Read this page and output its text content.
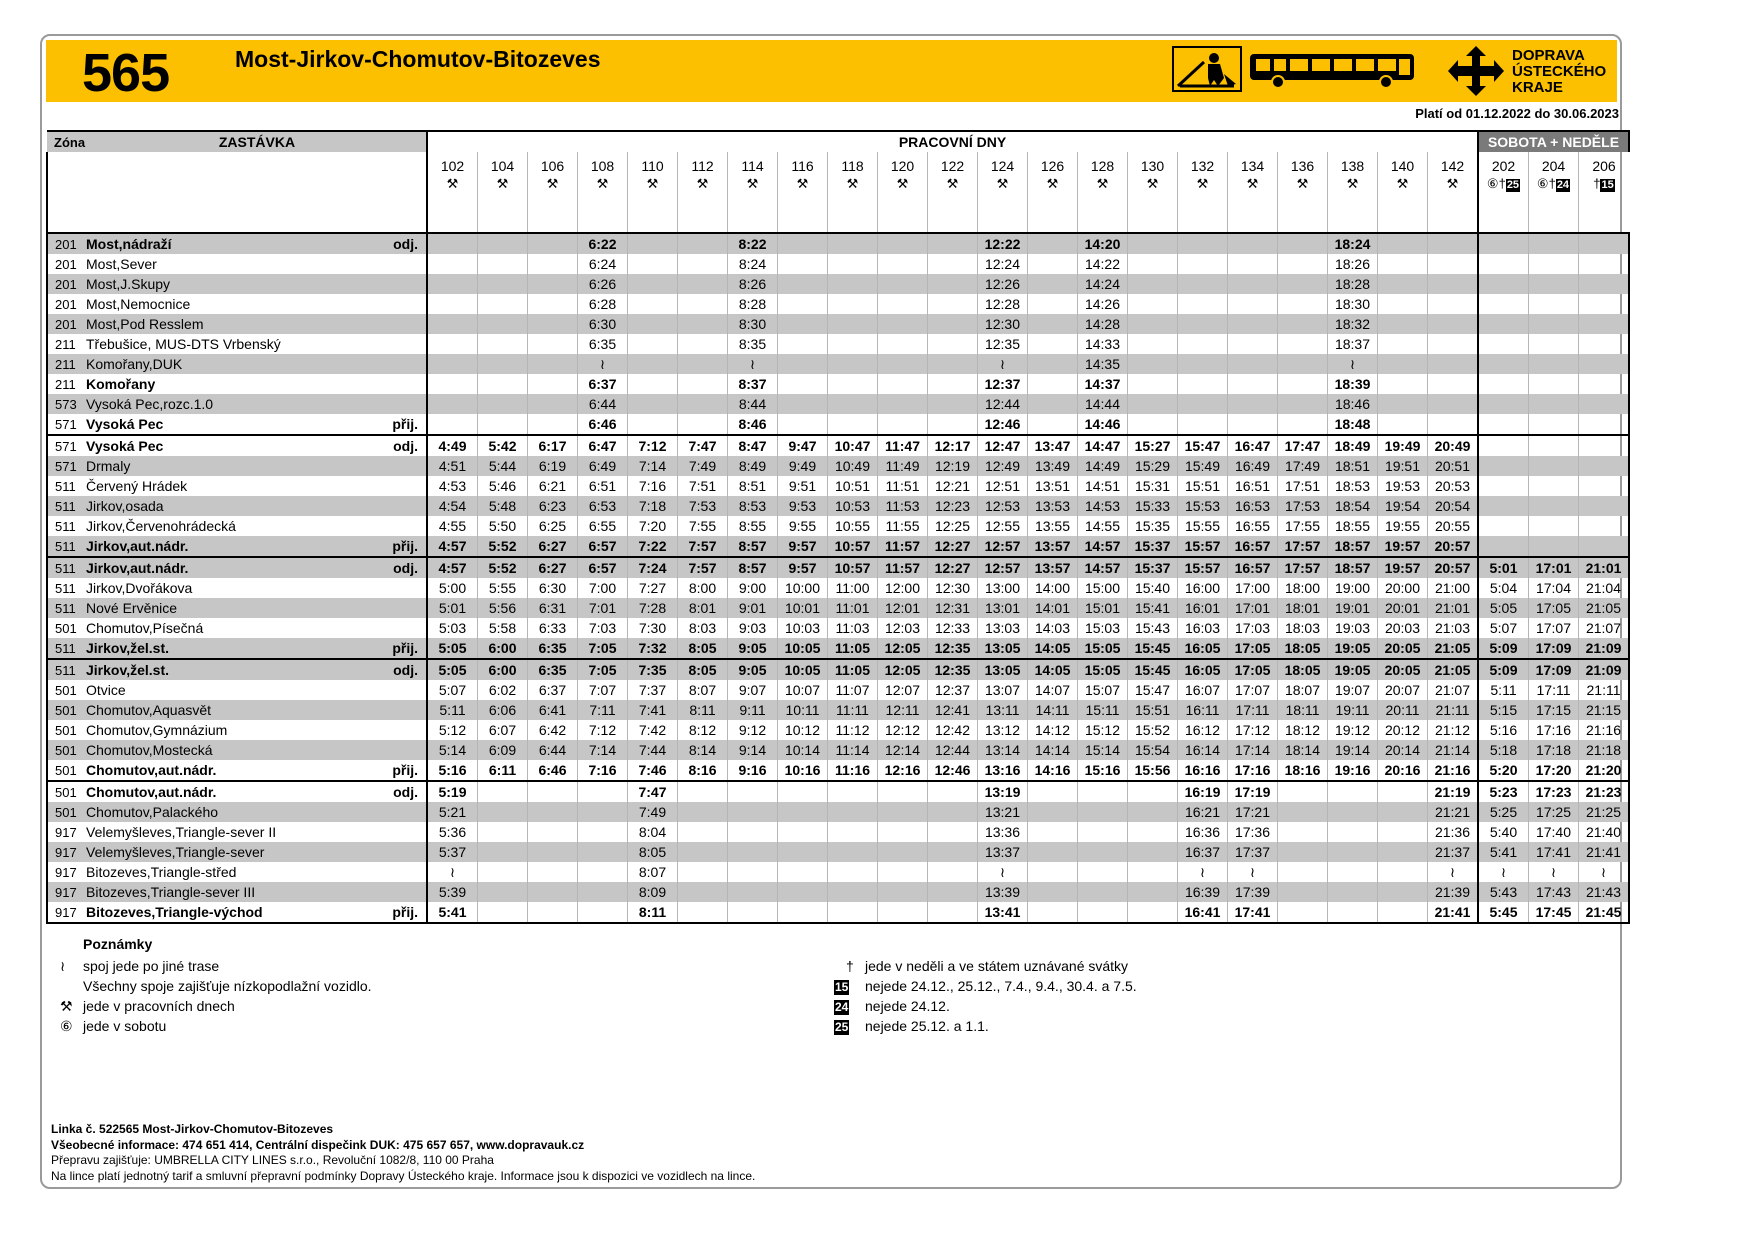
565	Most-Jirkov-Chomutov-Bitozeves	DOPRAVA
ÚSTECKÉHO
KRAJE
Platí od 01.12.2022 do 30.06.2023
Zóna	ZASTÁVKA		PRACOVNÍ DNY																					SOBOTA + NEDĚLE		
			102	104	106	108	110	112	114	116	118	120	122	124	126	128	130	132	134	136	138	140	142	202	204	206
			⚒	⚒	⚒	⚒	⚒	⚒	⚒	⚒	⚒	⚒	⚒	⚒	⚒	⚒	⚒	⚒	⚒	⚒	⚒	⚒	⚒	⑥†25	⑥†24	†15

201	Most,nádraží	odj.				6:22			8:22					12:22		14:20					18:24					
201	Most,Sever					6:24			8:24					12:24		14:22					18:26					
201	Most,J.Skupy					6:26			8:26					12:26		14:24					18:28					
201	Most,Nemocnice					6:28			8:28					12:28		14:26					18:30					
201	Most,Pod Resslem					6:30			8:30					12:30		14:28					18:32					
211	Třebušice, MUS-DTS Vrbenský					6:35			8:35					12:35		14:33					18:37					
211	Komořany,DUK					≀			≀					≀		14:35					≀					
211	Komořany					6:37			8:37					12:37		14:37					18:39					
573	Vysoká Pec,rozc.1.0					6:44			8:44					12:44		14:44					18:46					
571	Vysoká Pec	přij.				6:46			8:46					12:46		14:46					18:48					
571	Vysoká Pec	odj.	4:49	5:42	6:17	6:47	7:12	7:47	8:47	9:47	10:47	11:47	12:17	12:47	13:47	14:47	15:27	15:47	16:47	17:47	18:49	19:49	20:49			
571	Drmaly		4:51	5:44	6:19	6:49	7:14	7:49	8:49	9:49	10:49	11:49	12:19	12:49	13:49	14:49	15:29	15:49	16:49	17:49	18:51	19:51	20:51			
511	Červený Hrádek		4:53	5:46	6:21	6:51	7:16	7:51	8:51	9:51	10:51	11:51	12:21	12:51	13:51	14:51	15:31	15:51	16:51	17:51	18:53	19:53	20:53			
511	Jirkov,osada		4:54	5:48	6:23	6:53	7:18	7:53	8:53	9:53	10:53	11:53	12:23	12:53	13:53	14:53	15:33	15:53	16:53	17:53	18:54	19:54	20:54			
511	Jirkov,Červenohrádecká		4:55	5:50	6:25	6:55	7:20	7:55	8:55	9:55	10:55	11:55	12:25	12:55	13:55	14:55	15:35	15:55	16:55	17:55	18:55	19:55	20:55			
511	Jirkov,aut.nádr.	přij.	4:57	5:52	6:27	6:57	7:22	7:57	8:57	9:57	10:57	11:57	12:27	12:57	13:57	14:57	15:37	15:57	16:57	17:57	18:57	19:57	20:57			
511	Jirkov,aut.nádr.	odj.	4:57	5:52	6:27	6:57	7:24	7:57	8:57	9:57	10:57	11:57	12:27	12:57	13:57	14:57	15:37	15:57	16:57	17:57	18:57	19:57	20:57	5:01	17:01	21:01
511	Jirkov,Dvořákova		5:00	5:55	6:30	7:00	7:27	8:00	9:00	10:00	11:00	12:00	12:30	13:00	14:00	15:00	15:40	16:00	17:00	18:00	19:00	20:00	21:00	5:04	17:04	21:04
511	Nové Ervěnice		5:01	5:56	6:31	7:01	7:28	8:01	9:01	10:01	11:01	12:01	12:31	13:01	14:01	15:01	15:41	16:01	17:01	18:01	19:01	20:01	21:01	5:05	17:05	21:05
501	Chomutov,Písečná		5:03	5:58	6:33	7:03	7:30	8:03	9:03	10:03	11:03	12:03	12:33	13:03	14:03	15:03	15:43	16:03	17:03	18:03	19:03	20:03	21:03	5:07	17:07	21:07
511	Jirkov,žel.st.	přij.	5:05	6:00	6:35	7:05	7:32	8:05	9:05	10:05	11:05	12:05	12:35	13:05	14:05	15:05	15:45	16:05	17:05	18:05	19:05	20:05	21:05	5:09	17:09	21:09
511	Jirkov,žel.st.	odj.	5:05	6:00	6:35	7:05	7:35	8:05	9:05	10:05	11:05	12:05	12:35	13:05	14:05	15:05	15:45	16:05	17:05	18:05	19:05	20:05	21:05	5:09	17:09	21:09
501	Otvice		5:07	6:02	6:37	7:07	7:37	8:07	9:07	10:07	11:07	12:07	12:37	13:07	14:07	15:07	15:47	16:07	17:07	18:07	19:07	20:07	21:07	5:11	17:11	21:11
501	Chomutov,Aquasvět		5:11	6:06	6:41	7:11	7:41	8:11	9:11	10:11	11:11	12:11	12:41	13:11	14:11	15:11	15:51	16:11	17:11	18:11	19:11	20:11	21:11	5:15	17:15	21:15
501	Chomutov,Gymnázium		5:12	6:07	6:42	7:12	7:42	8:12	9:12	10:12	11:12	12:12	12:42	13:12	14:12	15:12	15:52	16:12	17:12	18:12	19:12	20:12	21:12	5:16	17:16	21:16
501	Chomutov,Mostecká		5:14	6:09	6:44	7:14	7:44	8:14	9:14	10:14	11:14	12:14	12:44	13:14	14:14	15:14	15:54	16:14	17:14	18:14	19:14	20:14	21:14	5:18	17:18	21:18
501	Chomutov,aut.nádr.	přij.	5:16	6:11	6:46	7:16	7:46	8:16	9:16	10:16	11:16	12:16	12:46	13:16	14:16	15:16	15:56	16:16	17:16	18:16	19:16	20:16	21:16	5:20	17:20	21:20
501	Chomutov,aut.nádr.	odj.	5:19				7:47							13:19				16:19	17:19				21:19	5:23	17:23	21:23
501	Chomutov,Palackého		5:21				7:49							13:21				16:21	17:21				21:21	5:25	17:25	21:25
917	Velemyšleves,Triangle-sever II		5:36				8:04							13:36				16:36	17:36				21:36	5:40	17:40	21:40
917	Velemyšleves,Triangle-sever		5:37				8:05							13:37				16:37	17:37				21:37	5:41	17:41	21:41
917	Bitozeves,Triangle-střed		≀				8:07							≀				≀	≀				≀	≀	≀	≀
917	Bitozeves,Triangle-sever III		5:39				8:09							13:39				16:39	17:39				21:39	5:43	17:43	21:43
917	Bitozeves,Triangle-východ	přij.	5:41				8:11							13:41				16:41	17:41				21:41	5:45	17:45	21:45
Poznámky
≀ spoj jede po jiné trase
Všechny spoje zajišťuje nízkopodlažní vozidlo.
⚒ jede v pracovních dnech
⑥ jede v sobotu
† jede v neděli a ve státem uznávané svátky
15 nejede 24.12., 25.12., 7.4., 9.4., 30.4. a 7.5.
24 nejede 24.12.
25 nejede 25.12. a 1.1.
Linka č. 522565 Most-Jirkov-Chomutov-Bitozeves
Všeobecné informace: 474 651 414, Centrální dispečink DUK: 475 657 657, www.dopravauk.cz
Přepravu zajišťuje: UMBRELLA CITY LINES s.r.o., Revoluční 1082/8, 110 00 Praha
Na lince platí jednotný tarif a smluvní přepravní podmínky Dopravy Ústeckého kraje. Informace jsou k dispozici ve vozidlech na lince.
